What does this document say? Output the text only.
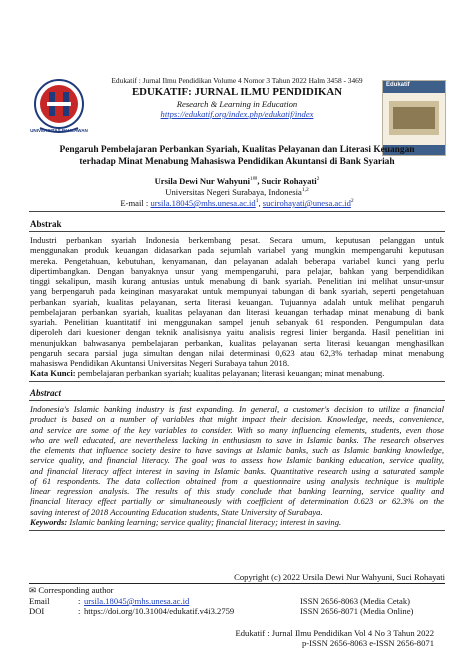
UNIVERSITAS PAHLAWAN
Edukatif : Jurnal Ilmu Pendidikan Volume 4 Nomor 3 Tahun 2022 Halm 3458 - 3469
EDUKATIF: JURNAL ILMU PENDIDIKAN
Research & Learning in Education
https://edukatif.org/index.php/edukatif/index
Edukatif
Pengaruh Pembelajaran Perbankan Syariah, Kualitas Pelayanan dan Literasi Keuangan
terhadap Minat Menabung Mahasiswa Pendidikan Akuntansi di Bank Syariah
Ursila Dewi Nur Wahyuni$^{1✉}$, Sucir Rohayati$^2$
Universitas Negeri Surabaya, Indonesia$^{1,2}$
E-mail : $ursila.18045@mhs.unesa.ac.id^1$, $sucirohayati@unesa.ac.id^2$
Abstrak
Industri perbankan syariah Indonesia berkembang pesat. Secara umum, keputusan pelanggan untuk
menggunakan produk keuangan didasarkan pada sejumlah variabel yang mungkin mempengaruhi keputusan
mereka. Pengetahuan, kebutuhan, kenyamanan, dan pelayanan adalah beberapa variabel kunci yang perlu
dipertimbangkan. Dengan banyaknya unsur yang mempengaruhi, para pelajar, bahkan yang berpendidikan
tinggi sekalipun, masih kurang antusias untuk menabung di bank syariah. Penelitian ini melihat unsur-unsur
yang berpengaruh pada keinginan masyarakat untuk mempunyai tabungan di bank syariah, seperti pengetahuan
perbankan syariah, kualitas pelayanan, serta literasi keuangan. Tujuannya adalah untuk melihat pengaruh
pembelajaran perbankan syariah, kualitas pelayanan dan literasi keuangan terhadap minat menabung di bank
syariah. Penelitian kuantitatif ini menggunakan sampel jenuh sebanyak 61 responden. Pengumpulan data
diperoleh dari kuesioner dengan teknik analisisnya yaitu analisis regresi linier berganda. Hasil penelitian ini
menunjukkan bahwasanya pembelajaran perbankan, kualitas pelayanan serta literasi keuangan menghasilkan
pengaruh secara parsial juga simultan dengan nilai determinasi 0,623 atau 62,3% terhadap minat menabung
mahasiswa Pendidikan Akuntansi Universitas Negeri Surabaya tahun 2018.
Kata Kunci: pembelajaran perbankan syariah; kualitas pelayanan; literasi keuangan; minat menabung.
Abstract
Indonesia's Islamic banking industry is fast expanding. In general, a customer's decision to utilize a financial
product is based on a number of variables that might impact their decision. Knowledge, needs, convenience,
and service are some of the key variables to consider. With so many influencing elements, students, even those
who are well educated, are nevertheless lacking in enthusiasm to save in Islamic banks. The research observes
the elements that influence society desire to have savings at Islamic banks, such as Islamic banking knowledge,
service quality, and financial literacy. The goal was to assess how Islamic banking education, service quality,
and financial literacy affect interest in saving in Islamic banks. Quantitative research using a saturated sample
of 61 respondents. The data collection obtained from a questionnaire using analysis technique is multiple
linear regression analysis. The results of this study conclude that banking learning, service quality and
financial literacy effect partially or simultaneously with coefficient of determination 0.623 or 62.3% on the
saving interest of 2018 Accounting Education students, State University of Surabaya.
Keywords: Islamic banking learning; service quality; financial literacy; interest in saving.
Copyright (c) 2022 Ursila Dewi Nur Wahyuni, Suci Rohayati
✉ Corresponding author
Email	: ursila.18045@mhs.unesa.ac.id
DOI	: https://doi.org/10.31004/edukatif.v4i3.2759
ISSN 2656-8063 (Media Cetak)
ISSN 2656-8071 (Media Online)
Edukatif : Jurnal Ilmu Pendidikan Vol 4 No 3 Tahun 2022
p-ISSN 2656-8063 e-ISSN 2656-8071
